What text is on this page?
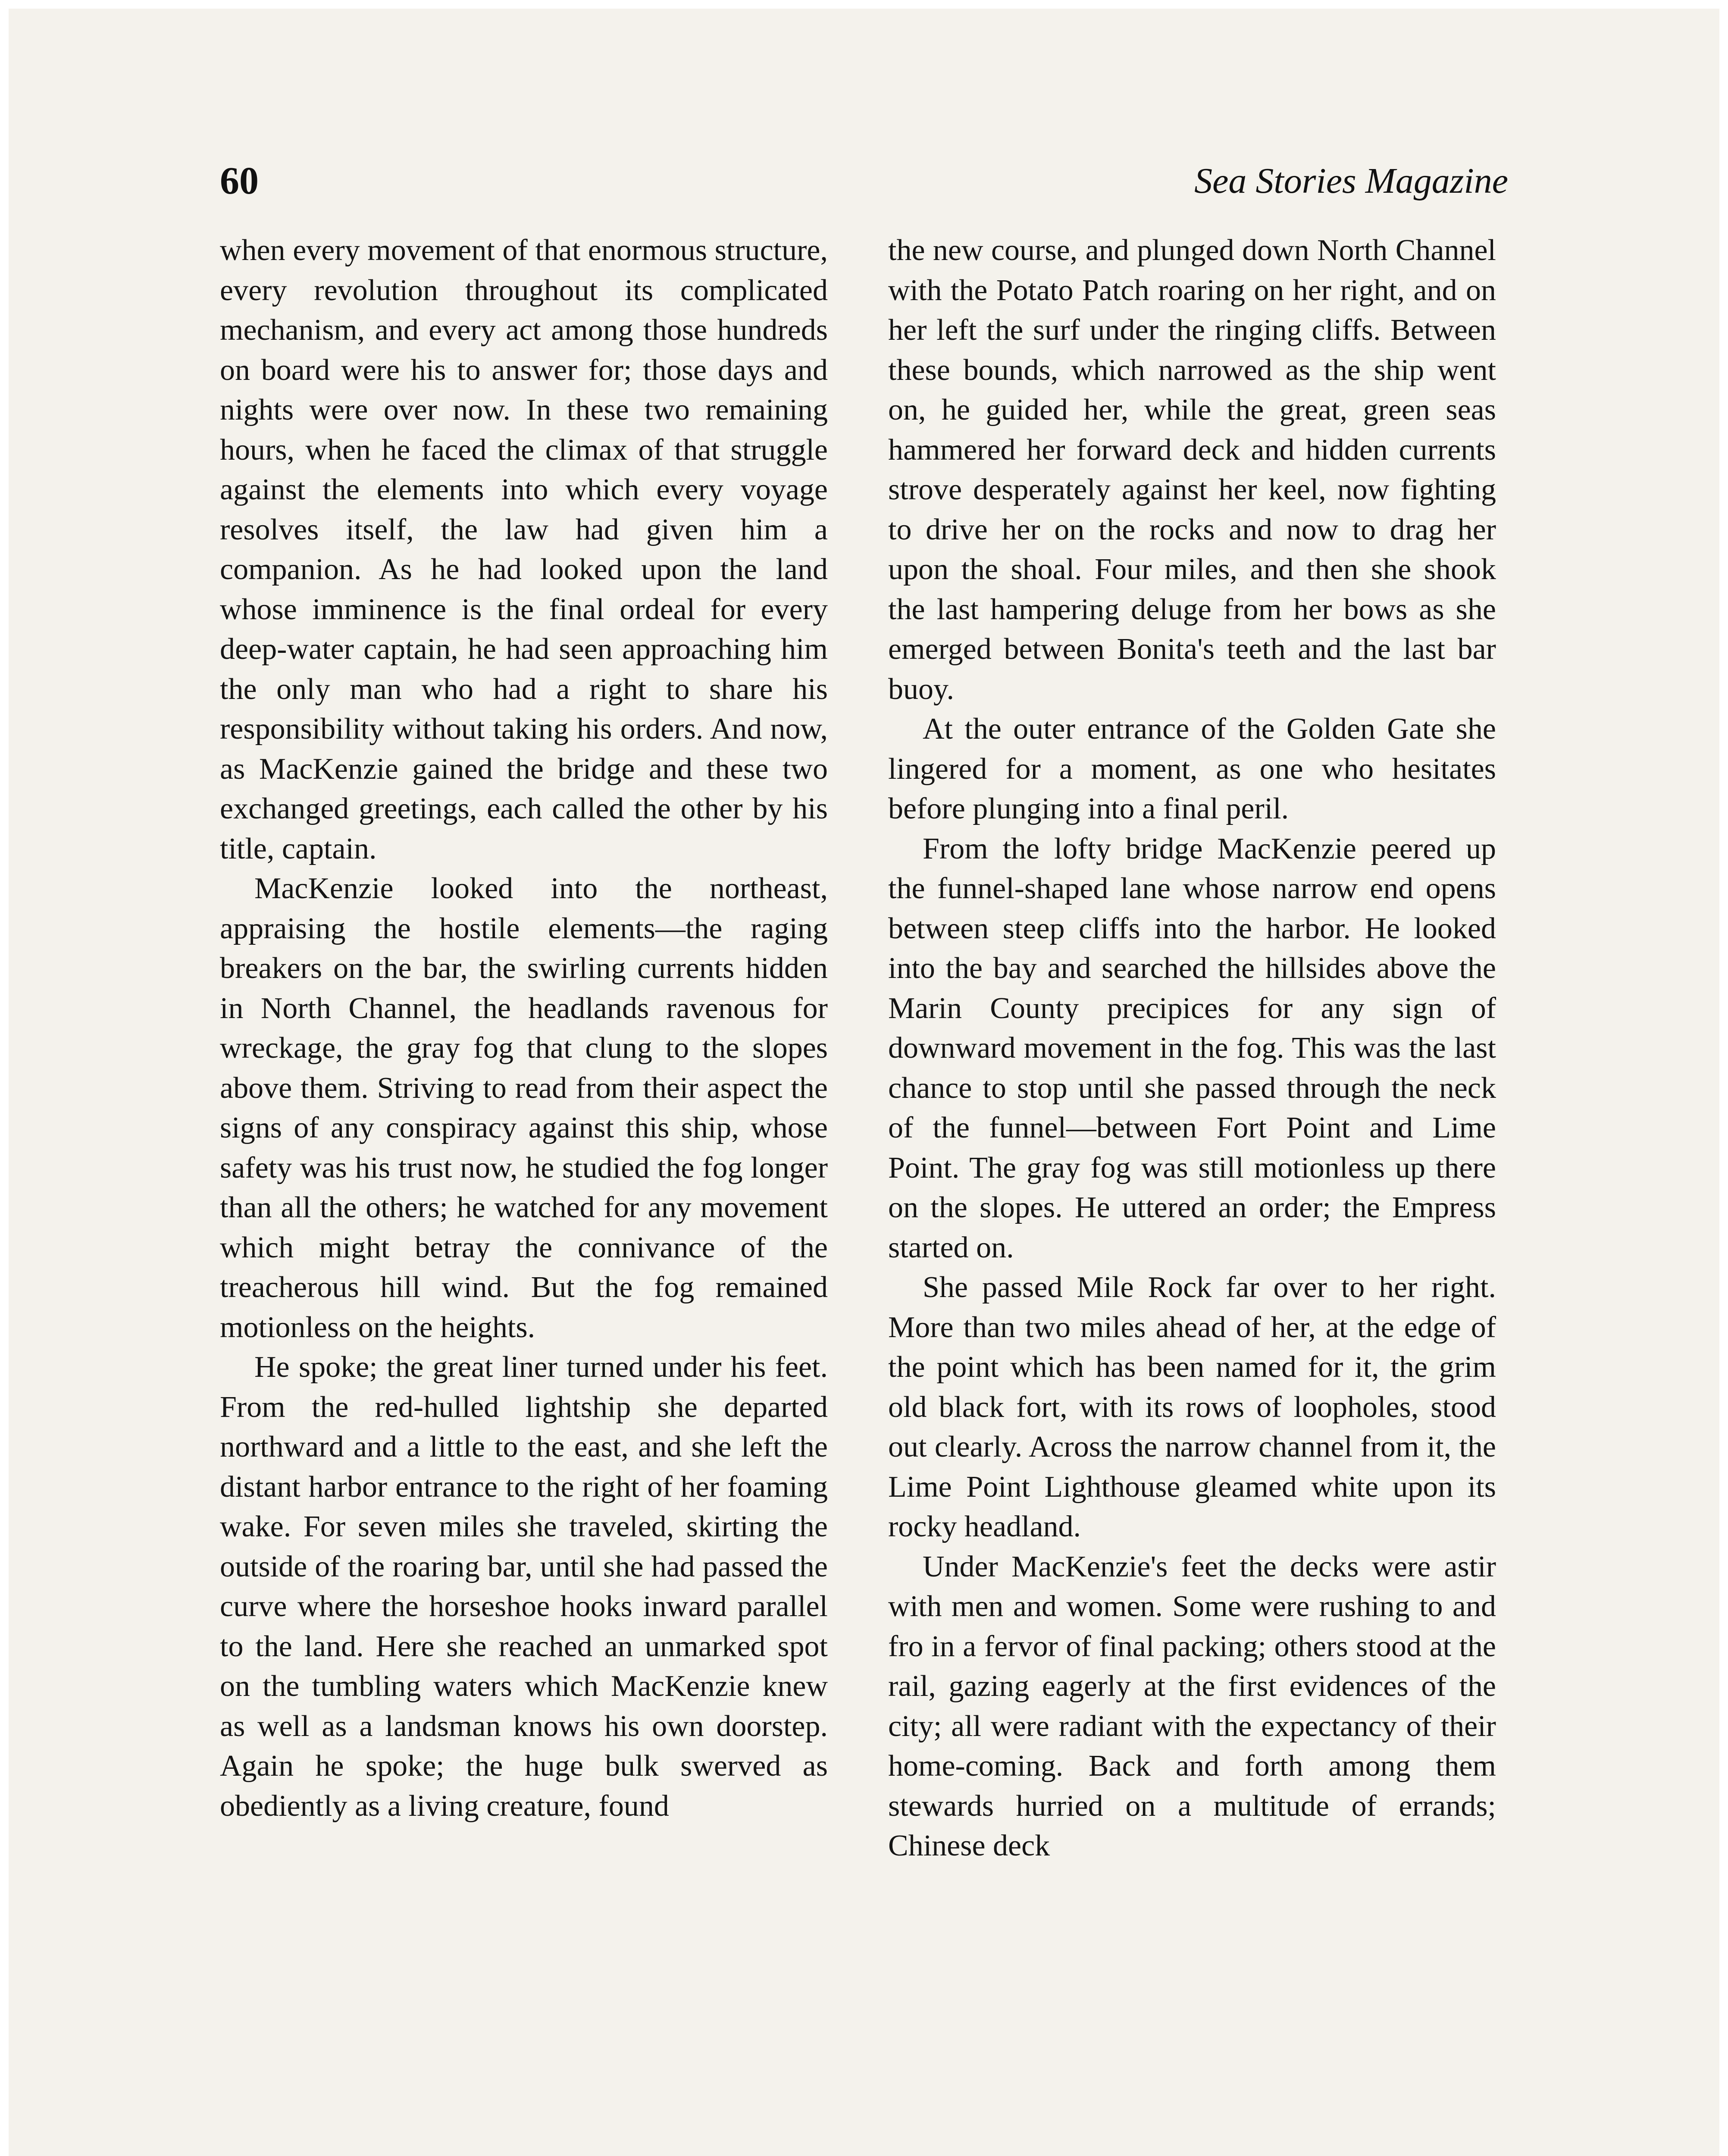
60	Sea Stories Magazine

when every movement of that enormous structure, every revolution throughout its complicated mechanism, and every act among those hundreds on board were his to answer for; those days and nights were over now. In these two remaining hours, when he faced the climax of that struggle against the elements into which every voyage resolves itself, the law had given him a companion. As he had looked upon the land whose imminence is the final ordeal for every deep-water captain, he had seen approaching him the only man who had a right to share his responsibility without taking his orders. And now, as MacKenzie gained the bridge and these two exchanged greetings, each called the other by his title, captain.

MacKenzie looked into the northeast, appraising the hostile elements—the raging breakers on the bar, the swirling currents hidden in North Channel, the headlands ravenous for wreckage, the gray fog that clung to the slopes above them. Striving to read from their aspect the signs of any conspiracy against this ship, whose safety was his trust now, he studied the fog longer than all the others; he watched for any movement which might betray the connivance of the treacherous hill wind. But the fog remained motionless on the heights.

He spoke; the great liner turned under his feet. From the red-hulled lightship she departed northward and a little to the east, and she left the distant harbor entrance to the right of her foaming wake. For seven miles she traveled, skirting the outside of the roaring bar, until she had passed the curve where the horseshoe hooks inward parallel to the land. Here she reached an unmarked spot on the tumbling waters which MacKenzie knew as well as a landsman knows his own doorstep. Again he spoke; the huge bulk swerved as obediently as a living creature, found

the new course, and plunged down North Channel with the Potato Patch roaring on her right, and on her left the surf under the ringing cliffs. Between these bounds, which narrowed as the ship went on, he guided her, while the great, green seas hammered her forward deck and hidden currents strove desperately against her keel, now fighting to drive her on the rocks and now to drag her upon the shoal. Four miles, and then she shook the last hampering deluge from her bows as she emerged between Bonita's teeth and the last bar buoy.

At the outer entrance of the Golden Gate she lingered for a moment, as one who hesitates before plunging into a final peril.

From the lofty bridge MacKenzie peered up the funnel-shaped lane whose narrow end opens between steep cliffs into the harbor. He looked into the bay and searched the hillsides above the Marin County precipices for any sign of downward movement in the fog. This was the last chance to stop until she passed through the neck of the funnel—between Fort Point and Lime Point. The gray fog was still motionless up there on the slopes. He uttered an order; the Empress started on.

She passed Mile Rock far over to her right. More than two miles ahead of her, at the edge of the point which has been named for it, the grim old black fort, with its rows of loopholes, stood out clearly. Across the narrow channel from it, the Lime Point Lighthouse gleamed white upon its rocky headland.

Under MacKenzie's feet the decks were astir with men and women. Some were rushing to and fro in a fervor of final packing; others stood at the rail, gazing eagerly at the first evidences of the city; all were radiant with the expectancy of their home-coming. Back and forth among them stewards hurried on a multitude of errands; Chinese deck
